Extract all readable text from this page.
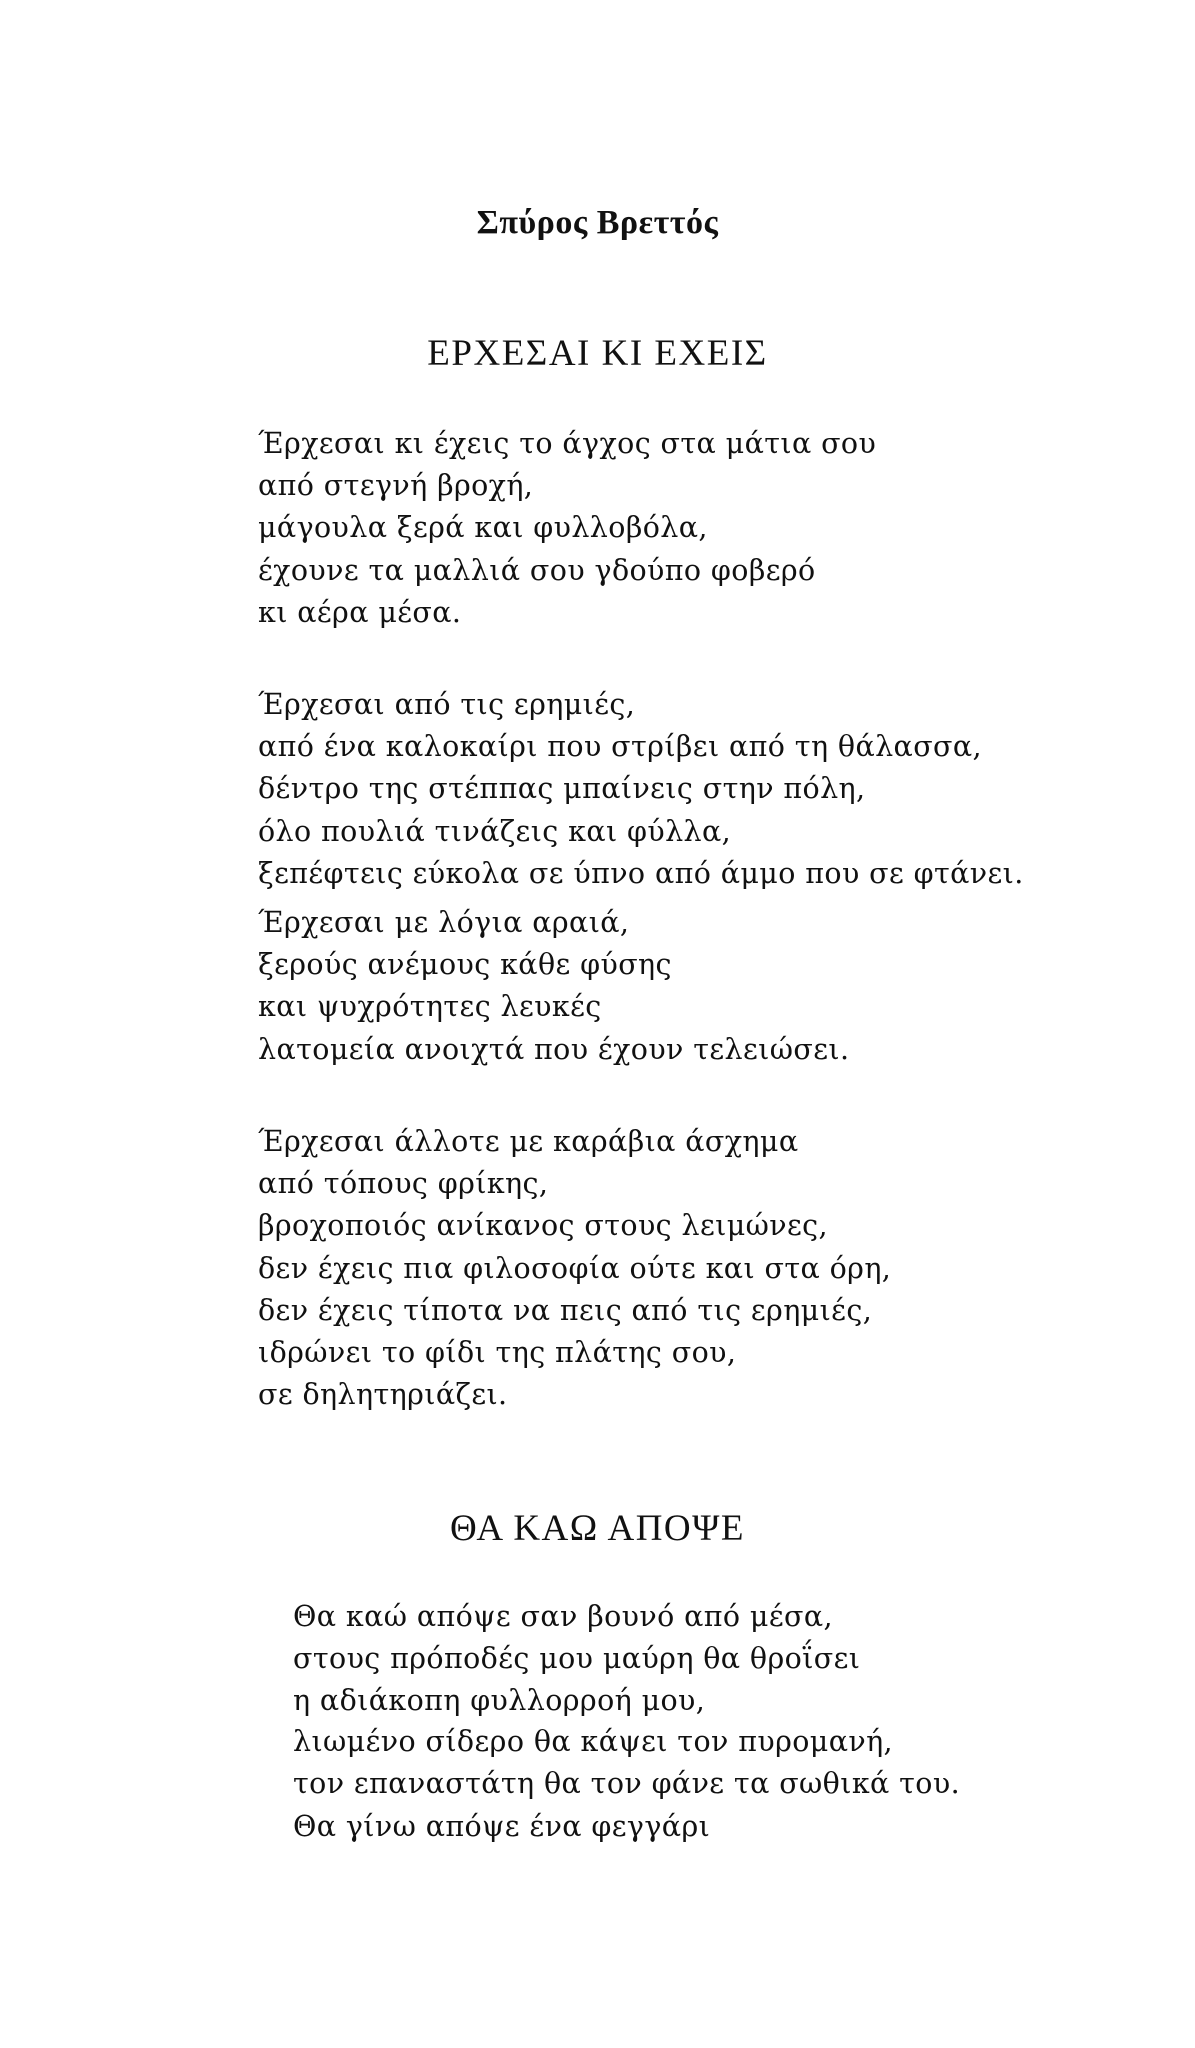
Σπύρος Βρεττός
ΕΡΧΕΣΑΙ ΚΙ ΕΧΕΙΣ
Έρχεσαι κι έχεις το άγχος στα μάτια σου
από στεγνή βροχή,
μάγουλα ξερά και φυλλοβόλα,
έχουνε τα μαλλιά σου γδούπο φοβερό
κι αέρα μέσα.
Έρχεσαι από τις ερημιές,
από ένα καλοκαίρι που στρίβει από τη θάλασσα,
δέντρο της στέππας μπαίνεις στην πόλη,
όλο πουλιά τινάζεις και φύλλα,
ξεπέφτεις εύκολα σε ύπνο από άμμο που σε φτάνει.
Έρχεσαι με λόγια αραιά,
ξερούς ανέμους κάθε φύσης
και ψυχρότητες λευκές
λατομεία ανοιχτά που έχουν τελειώσει.
Έρχεσαι άλλοτε με καράβια άσχημα
από τόπους φρίκης,
βροχοποιός ανίκανος στους λειμώνες,
δεν έχεις πια φιλοσοφία ούτε και στα όρη,
δεν έχεις τίποτα να πεις από τις ερημιές,
ιδρώνει το φίδι της πλάτης σου,
σε δηλητηριάζει.
ΘΑ ΚΑΩ ΑΠΟΨΕ
Θα καώ απόψε σαν βουνό από μέσα,
στους πρόποδές μου μαύρη θα θροΐσει
η αδιάκοπη φυλλορροή μου,
λιωμένο σίδερο θα κάψει τον πυρομανή,
τον επαναστάτη θα τον φάνε τα σωθικά του.
Θα γίνω απόψε ένα φεγγάρι
